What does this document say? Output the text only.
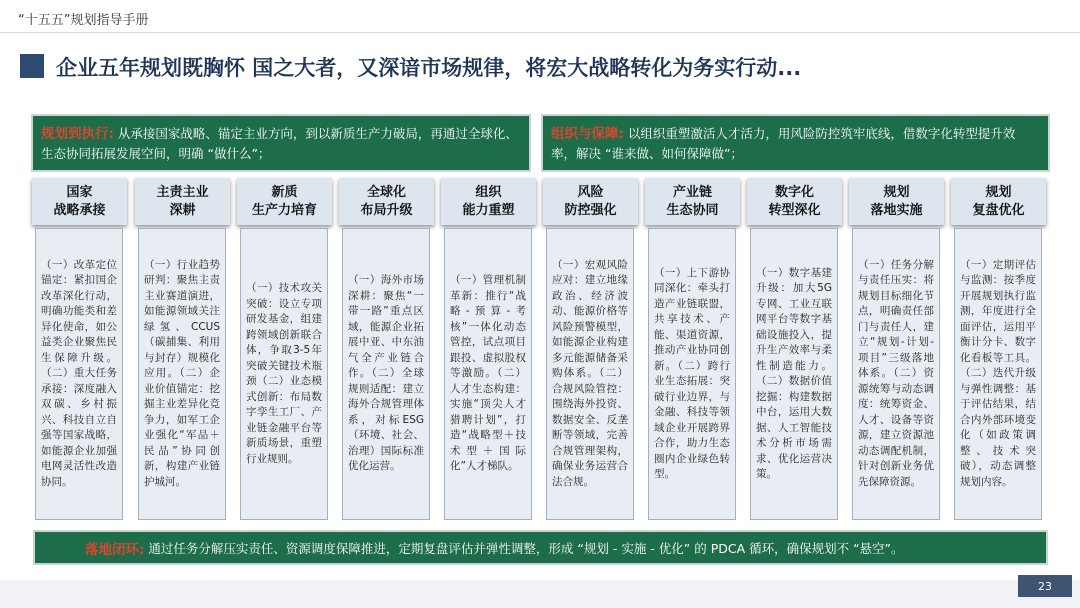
“十五五”规划指导手册
企业五年规划既胸怀 国之大者，又深谙市场规律，将宏大战略转化为务实行动...
规划到执行: 从承接国家战略、锚定主业方向，到以新质生产力破局，再通过全球化、生态协同拓展发展空间，明确 “做什么”；
组织与保障: 以组织重塑激活人才活力，用风险防控筑牢底线，借数字化转型提升效率，解决 “谁来做、如何保障做”；
国家
战略承接
主责主业
深耕
新质
生产力培育
全球化
布局升级
组织
能力重塑
风险
防控强化
产业链
生态协同
数字化
转型深化
规划
落地实施
规划
复盘优化
（一）改革定位锚定：紧扣国企改革深化行动，明确功能类和差异化使命，如公益类企业聚焦民生保障升级。（二）重大任务承接：深度融入双碳、乡村振兴、科技自立自强等国家战略，如能源企业加强电网灵活性改造协同。
（一）行业趋势研判：聚焦主责主业赛道演进，如能源领域关注绿氢、CCUS（碳捕集、利用与封存）规模化应用。（二）企业价值锚定：挖掘主业差异化竞争力，如军工企业强化“军品＋民品”协同创新，构建产业链护城河。
（一）技术攻关突破：设立专项研发基金，组建跨领域创新联合体，争取3-5年突破关键技术瓶颈（二）业态模式创新：布局数字孪生工厂、产业链金融平台等新质场景，重塑行业规则。
（一）海外市场深耕：聚焦“一带一路”重点区域，能源企业拓展中亚、中东油气全产业链合作。（二）全球规则适配：建立海外合规管理体系，对标ESG（环境、社会、治理）国际标准优化运营。
（一）管理机制革新：推行“战略-预算-考核”一体化动态管控，试点项目跟投、虚拟股权等激励。（二）人才生态构建：实施“顶尖人才猎聘计划”，打造“战略型＋技术型＋国际化”人才梯队。
（一）宏观风险应对：建立地缘政治、经济波动、能源价格等风险预警模型，如能源企业构建多元能源储备采购体系。（二）合规风险管控：围绕海外投资、数据安全、反垄断等领域，完善合规管理架构，确保业务运营合法合规。
（一）上下游协同深化：牵头打造产业链联盟，共享技术、产能、渠道资源，推动产业协同创新。（二）跨行业生态拓展：突破行业边界，与金融、科技等领域企业开展跨界合作，助力生态圈内企业绿色转型。
（一）数字基建升级：加大5G专网、工业互联网平台等数字基础设施投入，提升生产效率与柔性制造能力。（二）数据价值挖掘：构建数据中台，运用大数据、人工智能技术分析市场需求、优化运营决策。
（一）任务分解与责任压实：将规划目标细化节点，明确责任部门与责任人，建立“规划-计划-项目”三级落地体系。（二）资源统筹与动态调度：统筹资金、人才、设备等资源，建立资源池动态调配机制，针对创新业务优先保障资源。
（一）定期评估与监测：按季度开展规划执行监测，年度进行全面评估，运用平衡计分卡、数字化看板等工具。（二）迭代升级与弹性调整：基于评估结果，结合内外部环境变化（如政策调整、技术突破），动态调整规划内容。
落地闭环: 通过任务分解压实责任、资源调度保障推进，定期复盘评估并弹性调整，形成 “规划 - 实施 - 优化” 的 PDCA 循环，确保规划不 “悬空”。
23
